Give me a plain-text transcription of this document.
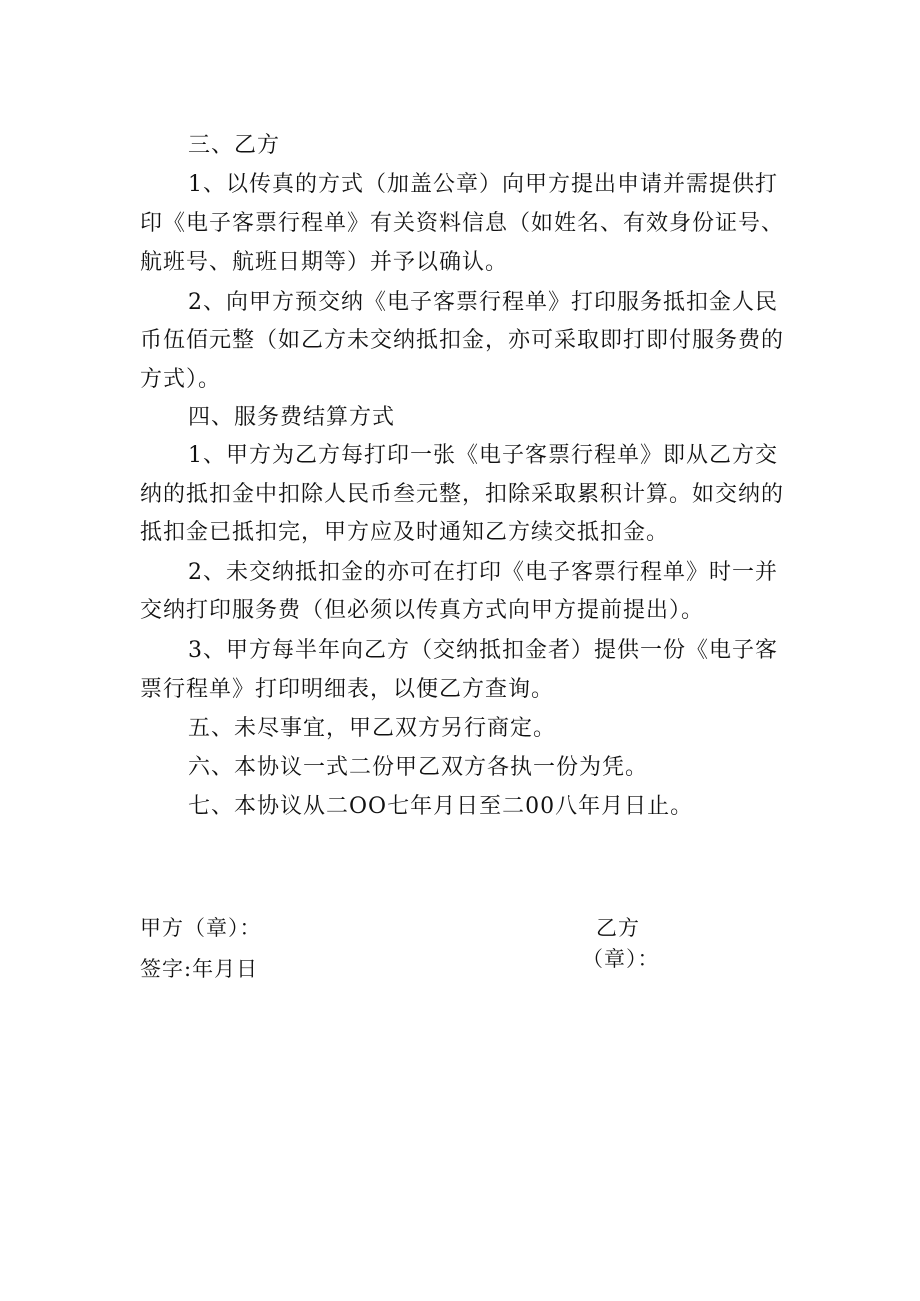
三、乙方
1、以传真的方式（加盖公章）向甲方提出申请并需提供打
印《电子客票行程单》有关资料信息（如姓名、有效身份证号、
航班号、航班日期等）并予以确认。
2、向甲方预交纳《电子客票行程单》打印服务抵扣金人民
币伍佰元整（如乙方未交纳抵扣金，亦可采取即打即付服务费的
方式）。
四、服务费结算方式
1、甲方为乙方每打印一张《电子客票行程单》即从乙方交
纳的抵扣金中扣除人民币叁元整，扣除采取累积计算。如交纳的
抵扣金已抵扣完，甲方应及时通知乙方续交抵扣金。
2、未交纳抵扣金的亦可在打印《电子客票行程单》时一并
交纳打印服务费（但必须以传真方式向甲方提前提出）。
3、甲方每半年向乙方（交纳抵扣金者）提供一份《电子客
票行程单》打印明细表，以便乙方查询。
五、未尽事宜，甲乙双方另行商定。
六、本协议一式二份甲乙双方各执一份为凭。
七、本协议从二OO七年月日至二00八年月日止。
甲方（章）：
签字:年月日
乙方
（章）：
